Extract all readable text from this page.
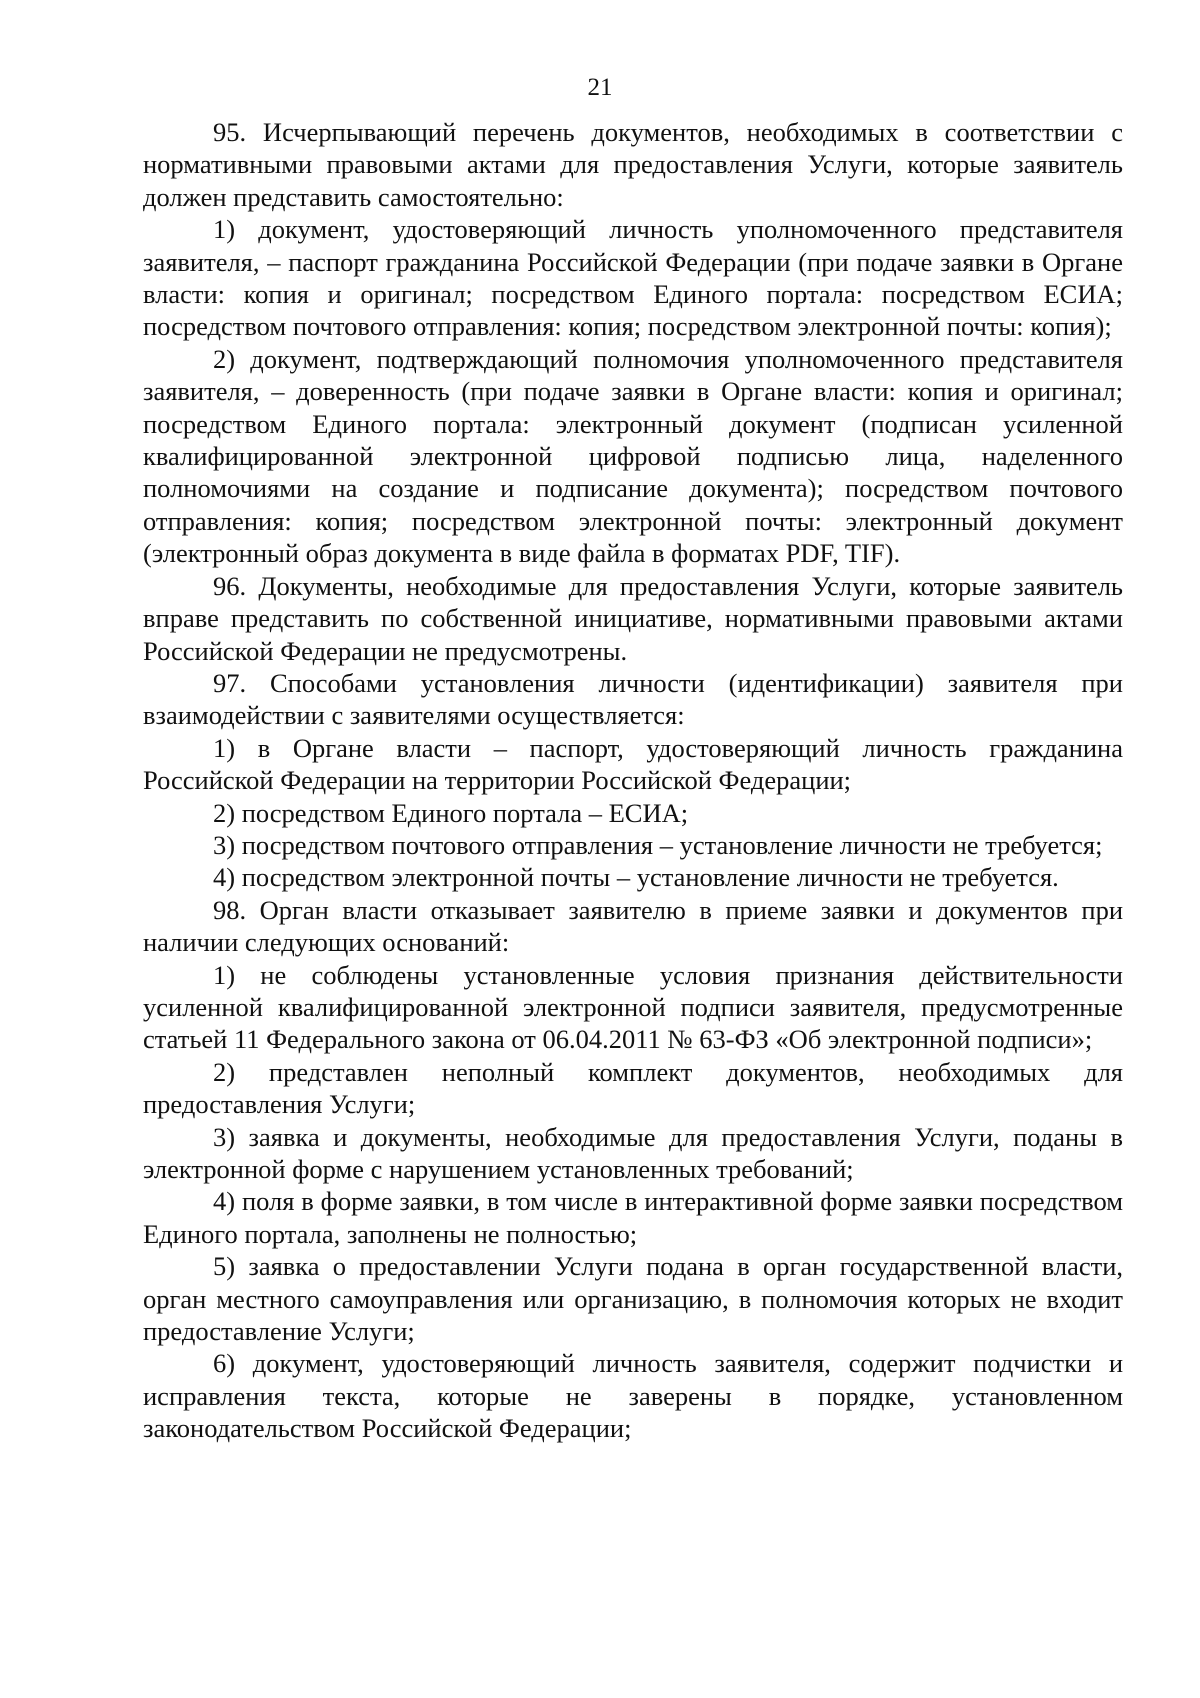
21

95. Исчерпывающий перечень документов, необходимых в соответствии с нормативными правовыми актами для предоставления Услуги, которые заявитель должен представить самостоятельно:

1) документ, удостоверяющий личность уполномоченного представителя заявителя, – паспорт гражданина Российской Федерации (при подаче заявки в Органе власти: копия и оригинал; посредством Единого портала: посредством ЕСИА; посредством почтового отправления: копия; посредством электронной почты: копия);

2) документ, подтверждающий полномочия уполномоченного представителя заявителя, – доверенность (при подаче заявки в Органе власти: копия и оригинал; посредством Единого портала: электронный документ (подписан усиленной квалифицированной электронной цифровой подписью лица, наделенного полномочиями на создание и подписание документа); посредством почтового отправления: копия; посредством электронной почты: электронный документ (электронный образ документа в виде файла в форматах PDF, TIF).

96. Документы, необходимые для предоставления Услуги, которые заявитель вправе представить по собственной инициативе, нормативными правовыми актами Российской Федерации не предусмотрены.

97. Способами установления личности (идентификации) заявителя при взаимодействии с заявителями осуществляется:

1) в Органе власти – паспорт, удостоверяющий личность гражданина Российской Федерации на территории Российской Федерации;

2) посредством Единого портала – ЕСИА;

3) посредством почтового отправления – установление личности не требуется;

4) посредством электронной почты – установление личности не требуется.

98. Орган власти отказывает заявителю в приеме заявки и документов при наличии следующих оснований:

1) не соблюдены установленные условия признания действительности усиленной квалифицированной электронной подписи заявителя, предусмотренные статьей 11 Федерального закона от 06.04.2011 № 63-ФЗ «Об электронной подписи»;

2) представлен неполный комплект документов, необходимых для предоставления Услуги;

3) заявка и документы, необходимые для предоставления Услуги, поданы в электронной форме с нарушением установленных требований;

4) поля в форме заявки, в том числе в интерактивной форме заявки посредством Единого портала, заполнены не полностью;

5) заявка о предоставлении Услуги подана в орган государственной власти, орган местного самоуправления или организацию, в полномочия которых не входит предоставление Услуги;

6) документ, удостоверяющий личность заявителя, содержит подчистки и исправления текста, которые не заверены в порядке, установленном законодательством Российской Федерации;
